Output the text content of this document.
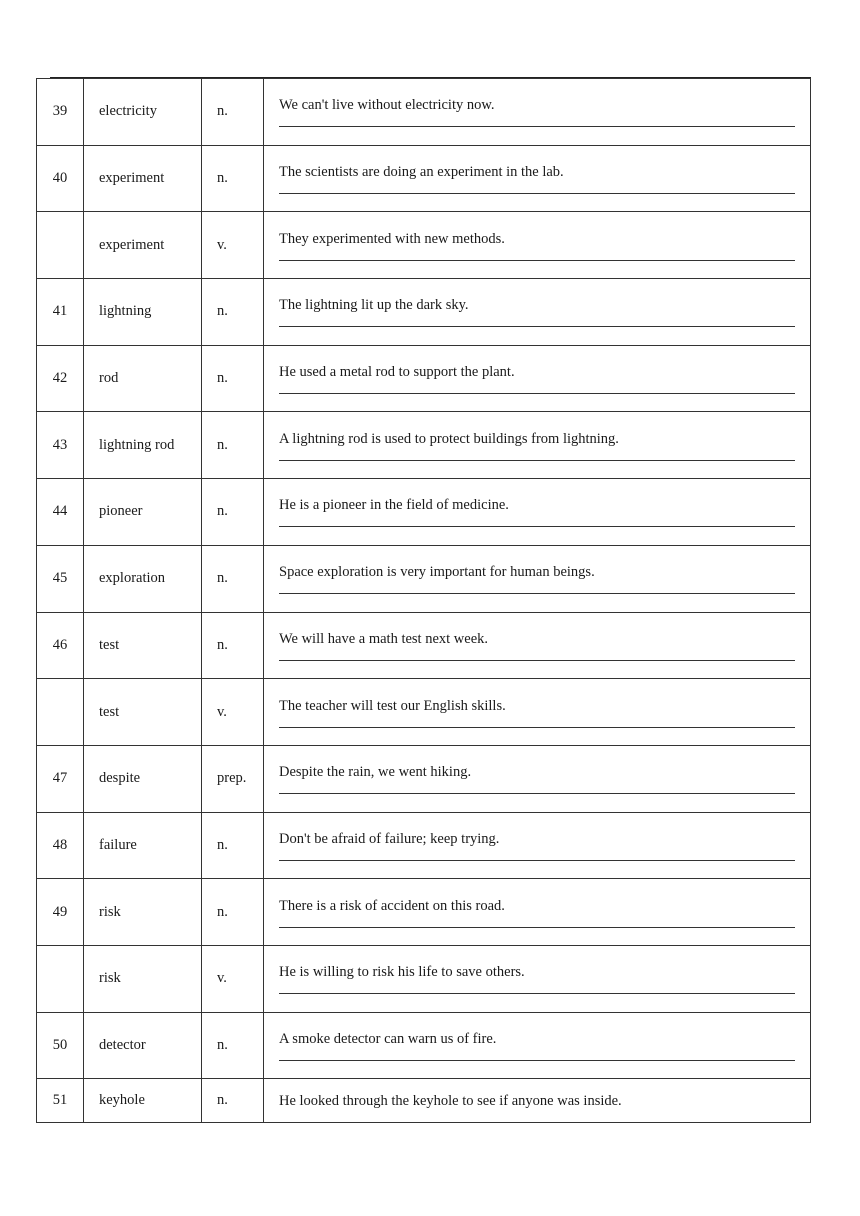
39	electricity	n.	We can't live without electricity now.

40	experiment	n.	The scientists are doing an experiment in the lab.

	experiment	v.	They experimented with new methods.

41	lightning	n.	The lightning lit up the dark sky.

42	rod	n.	He used a metal rod to support the plant.

43	lightning rod	n.	A lightning rod is used to protect buildings from lightning.

44	pioneer	n.	He is a pioneer in the field of medicine.

45	exploration	n.	Space exploration is very important for human beings.

46	test	n.	We will have a math test next week.

	test	v.	The teacher will test our English skills.

47	despite	prep.	Despite the rain, we went hiking.

48	failure	n.	Don't be afraid of failure; keep trying.

49	risk	n.	There is a risk of accident on this road.

	risk	v.	He is willing to risk his life to save others.

50	detector	n.	A smoke detector can warn us of fire.

51	keyhole	n.	He looked through the keyhole to see if anyone was inside.
